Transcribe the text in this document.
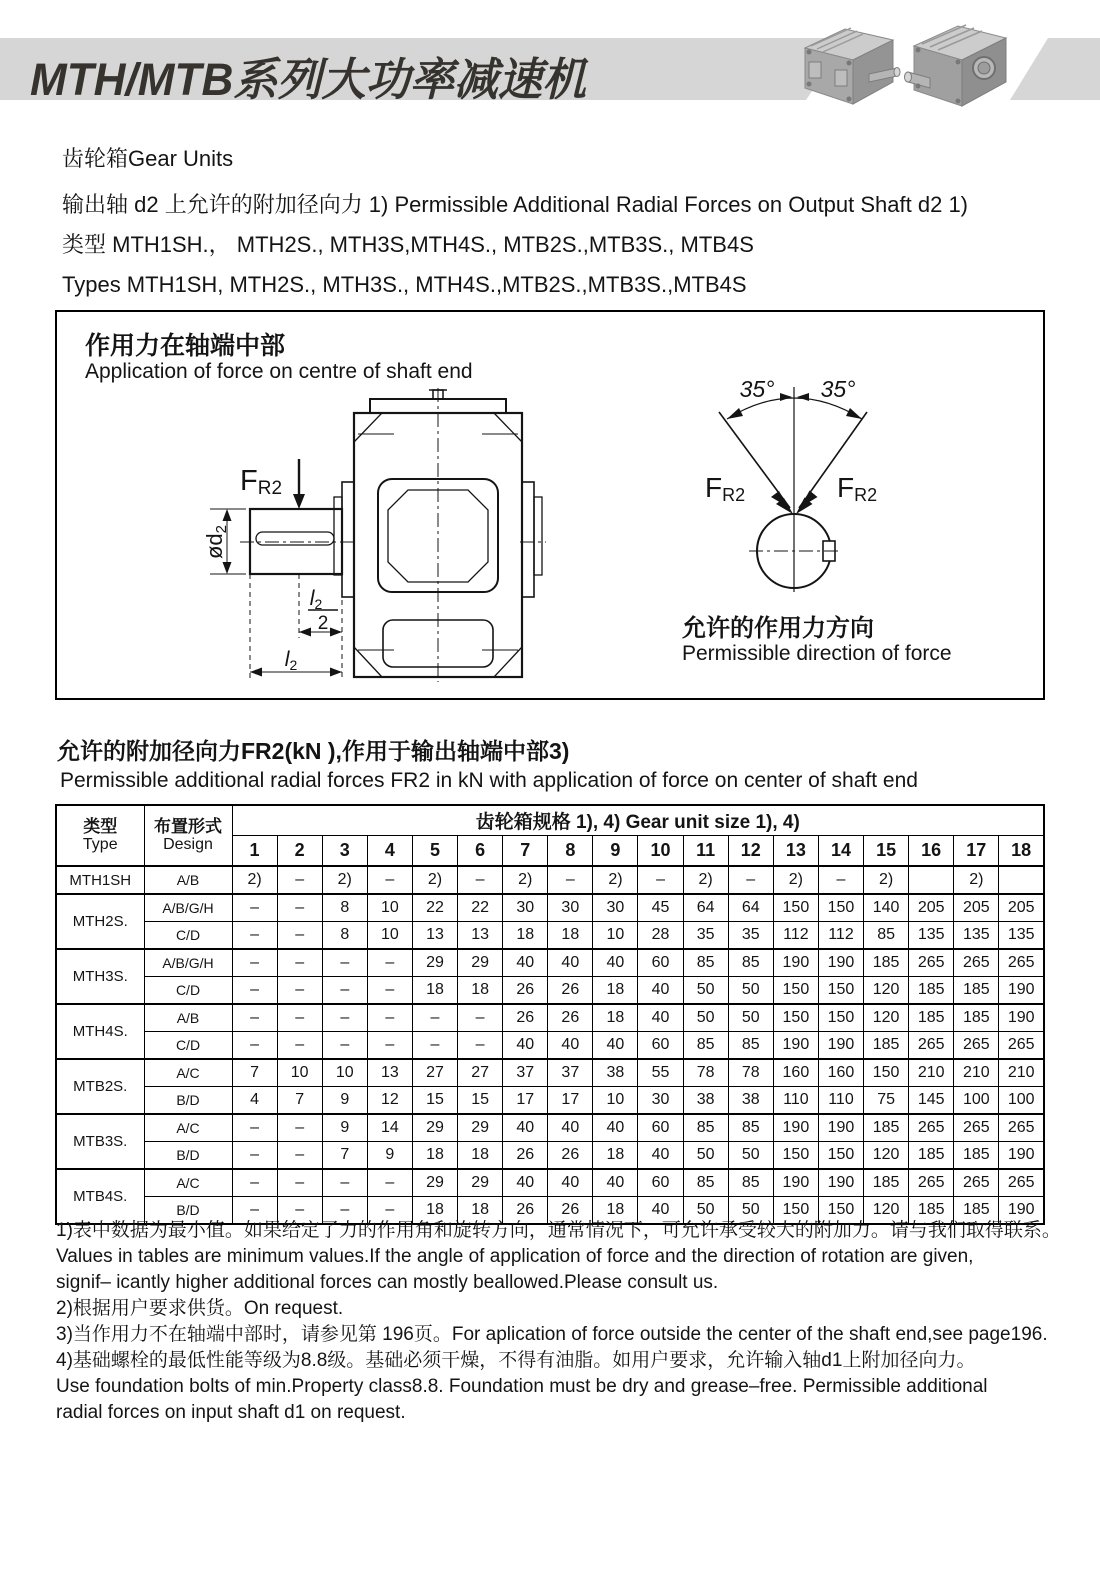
MTH/MTB系列大功率减速机
齿轮箱Gear Units
输出轴 d2 上允许的附加径向力 1) Permissible Additional Radial Forces on Output Shaft d2 1)
类型 MTH1SH.， MTH2S., MTH3S,MTH4S., MTB2S.,MTB3S., MTB4S
Types MTH1SH, MTH2S., MTH3S., MTH4S.,MTB2S.,MTB3S.,MTB4S
作用力在轴端中部
Application of force on centre of shaft end
FR2
ød2
l2
2
l2
35° 35°
FR2	FR2
允许的作用力方向
Permissible direction of force
允许的附加径向力FR2(kN ),作用于输出轴端中部3)
Permissible additional radial forces FR2 in kN with application of force on center of shaft end
类型
Type

布置形式
Design
	齿轮箱规格 1), 4) Gear unit size 1), 4)
		1	2	3	4	5	6	7	8	9	10	11	12	13	14	15	16	17	18
MTH1SH	A/B	2)	–	2)	–	2)	–	2)	–	2)	–	2)	–	2)	–	2)		2)	
MTH2S.	A/B/G/H	–	–	8	10	22	22	30	30	30	45	64	64	150	150	140	205	205	205
	C/D	–	–	8	10	13	13	18	18	10	28	35	35	112	112	85	135	135	135
MTH3S.	A/B/G/H	–	–	–	–	29	29	40	40	40	60	85	85	190	190	185	265	265	265
	C/D	–	–	–	–	18	18	26	26	18	40	50	50	150	150	120	185	185	190
MTH4S.	A/B	–	–	–	–	–	–	26	26	18	40	50	50	150	150	120	185	185	190
	C/D	–	–	–	–	–	–	40	40	40	60	85	85	190	190	185	265	265	265
MTB2S.	A/C	7	10	10	13	27	27	37	37	38	55	78	78	160	160	150	210	210	210
	B/D	4	7	9	12	15	15	17	17	10	30	38	38	110	110	75	145	100	100
MTB3S.	A/C	–	–	9	14	29	29	40	40	40	60	85	85	190	190	185	265	265	265
	B/D	–	–	7	9	18	18	26	26	18	40	50	50	150	150	120	185	185	190
MTB4S.	A/C	–	–	–	–	29	29	40	40	40	60	85	85	190	190	185	265	265	265
	B/D	–	–	–	–	18	18	26	26	18	40	50	50	150	150	120	185	185	190
1)表中数据为最小值。如果给定了力的作用角和旋转方向，通常情况下，可允许承受较大的附加力。请与我们取得联系。
Values in tables are minimum values.If the angle of application of force and the direction of rotation are given,
signif– icantly higher additional forces can mostly beallowed.Please consult us.
2)根据用户要求供货。On request.
3)当作用力不在轴端中部时，请参见第 196页。For aplication of force outside the center of the shaft end,see page196.
4)基础螺栓的最低性能等级为8.8级。基础必须干燥，不得有油脂。如用户要求，允许输入轴d1上附加径向力。
Use foundation bolts of min.Property class8.8. Foundation must be dry and grease–free. Permissible additional
radial forces on input shaft d1 on request.
